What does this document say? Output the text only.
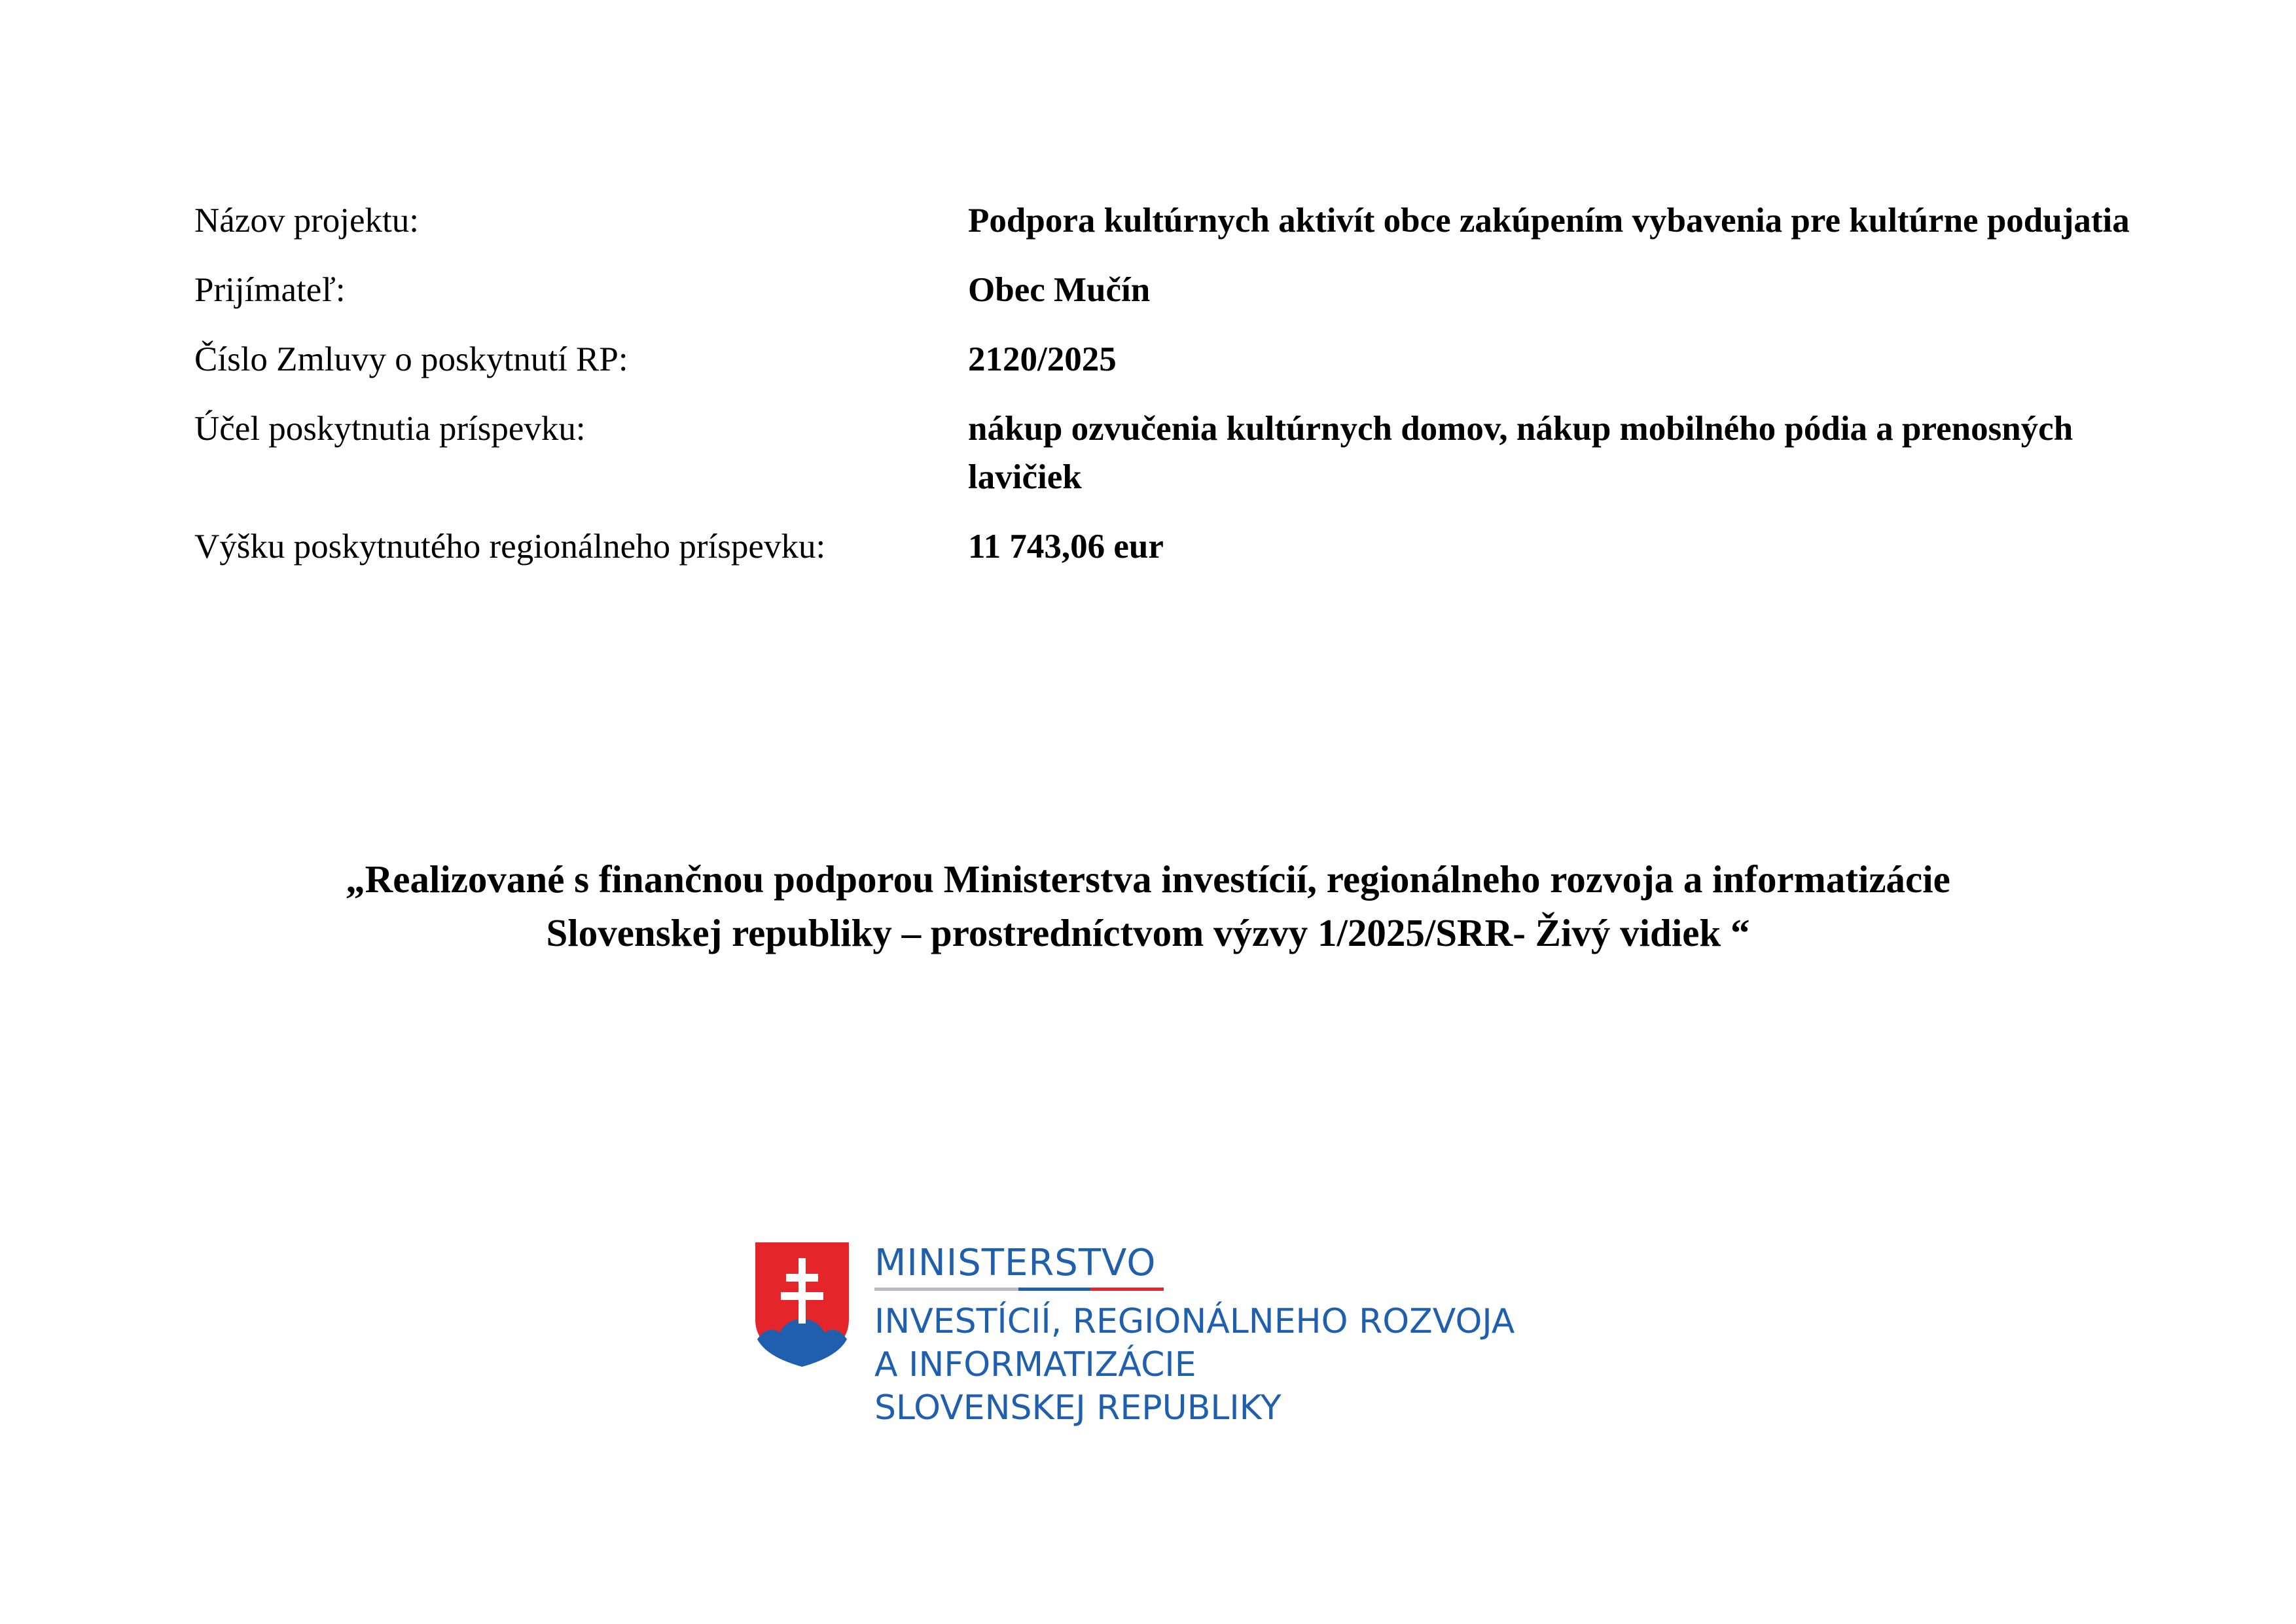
Názov projektu:	Podpora kultúrnych aktivít obce zakúpením vybavenia pre kultúrne podujatia
Prijímateľ:	Obec Mučín
Číslo Zmluvy o poskytnutí RP:	2120/2025
Účel poskytnutia príspevku:	nákup ozvučenia kultúrnych domov, nákup mobilného pódia a prenosných lavičiek
Výšku poskytnutého regionálneho príspevku:	11 743,06 eur
„Realizované s finančnou podporou Ministerstva investícií, regionálneho rozvoja a informatizácie
Slovenskej republiky – prostredníctvom výzvy 1/2025/SRR- Živý vidiek “
MINISTERSTVO
INVESTÍCIÍ, REGIONÁLNEHO ROZVOJA
A INFORMATIZÁCIE
SLOVENSKEJ REPUBLIKY
